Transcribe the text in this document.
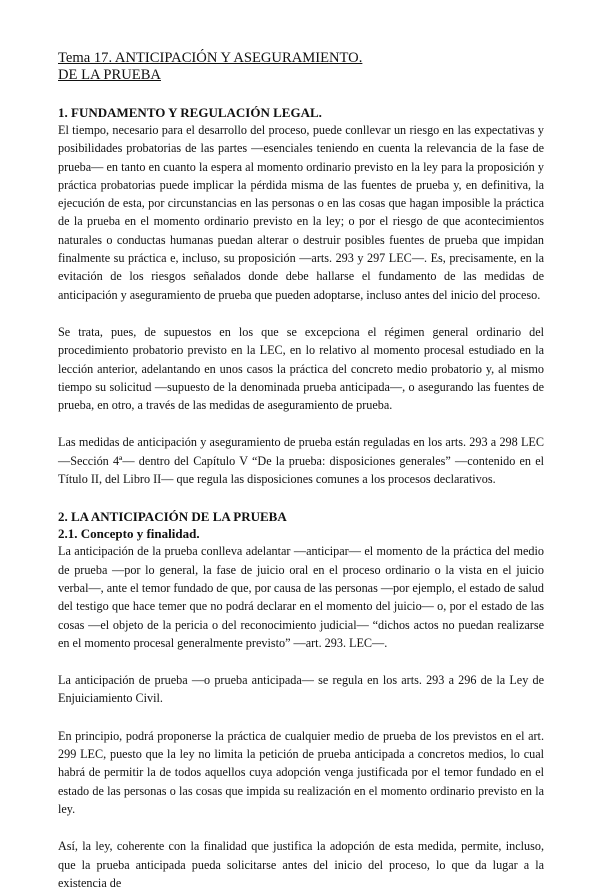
Tema 17. ANTICIPACIÓN Y ASEGURAMIENTO.
DE LA PRUEBA
1. FUNDAMENTO Y REGULACIÓN LEGAL.

El tiempo, necesario para el desarrollo del proceso, puede conllevar un riesgo en las expectativas y posibilidades probatorias de las partes —esenciales teniendo en cuenta la relevancia de la fase de prueba— en tanto en cuanto la espera al momento ordinario previsto en la ley para la proposición y práctica probatorias puede implicar la pérdida misma de las fuentes de prueba y, en definitiva, la ejecución de esta, por circunstancias en las personas o en las cosas que hagan imposible la práctica de la prueba en el momento ordinario previsto en la ley; o por el riesgo de que acontecimientos naturales o conductas humanas puedan alterar o destruir posibles fuentes de prueba que impidan finalmente su práctica e, incluso, su proposición —arts. 293 y 297 LEC—. Es, precisamente, en la evitación de los riesgos señalados donde debe hallarse el fundamento de las medidas de anticipación y aseguramiento de prueba que pueden adoptarse, incluso antes del inicio del proceso.

Se trata, pues, de supuestos en los que se excepciona el régimen general ordinario del procedimiento probatorio previsto en la LEC, en lo relativo al momento procesal estudiado en la lección anterior, adelantando en unos casos la práctica del concreto medio probatorio y, al mismo tiempo su solicitud —supuesto de la denominada prueba anticipada—, o asegurando las fuentes de prueba, en otro, a través de las medidas de aseguramiento de prueba.

Las medidas de anticipación y aseguramiento de prueba están reguladas en los arts. 293 a 298 LEC —Sección 4ª— dentro del Capítulo V “De la prueba: disposiciones generales” —contenido en el Título II, del Libro II— que regula las disposiciones comunes a los procesos declarativos.

2. LA ANTICIPACIÓN DE LA PRUEBA
2.1. Concepto y finalidad.

La anticipación de la prueba conlleva adelantar —anticipar— el momento de la práctica del medio de prueba —por lo general, la fase de juicio oral en el proceso ordinario o la vista en el juicio verbal—, ante el temor fundado de que, por causa de las personas —por ejemplo, el estado de salud del testigo que hace temer que no podrá declarar en el momento del juicio— o, por el estado de las cosas —el objeto de la pericia o del reconocimiento judicial— “dichos actos no puedan realizarse en el momento procesal generalmente previsto” —art. 293. LEC—.

La anticipación de prueba —o prueba anticipada— se regula en los arts. 293 a 296 de la Ley de Enjuiciamiento Civil.

En principio, podrá proponerse la práctica de cualquier medio de prueba de los previstos en el art. 299 LEC, puesto que la ley no limita la petición de prueba anticipada a concretos medios, lo cual habrá de permitir la de todos aquellos cuya adopción venga justificada por el temor fundado en el estado de las personas o las cosas que impida su realización en el momento ordinario previsto en la ley.

Así, la ley, coherente con la finalidad que justifica la adopción de esta medida, permite, incluso, que la prueba anticipada pueda solicitarse antes del inicio del proceso, lo que da lugar a la existencia de
